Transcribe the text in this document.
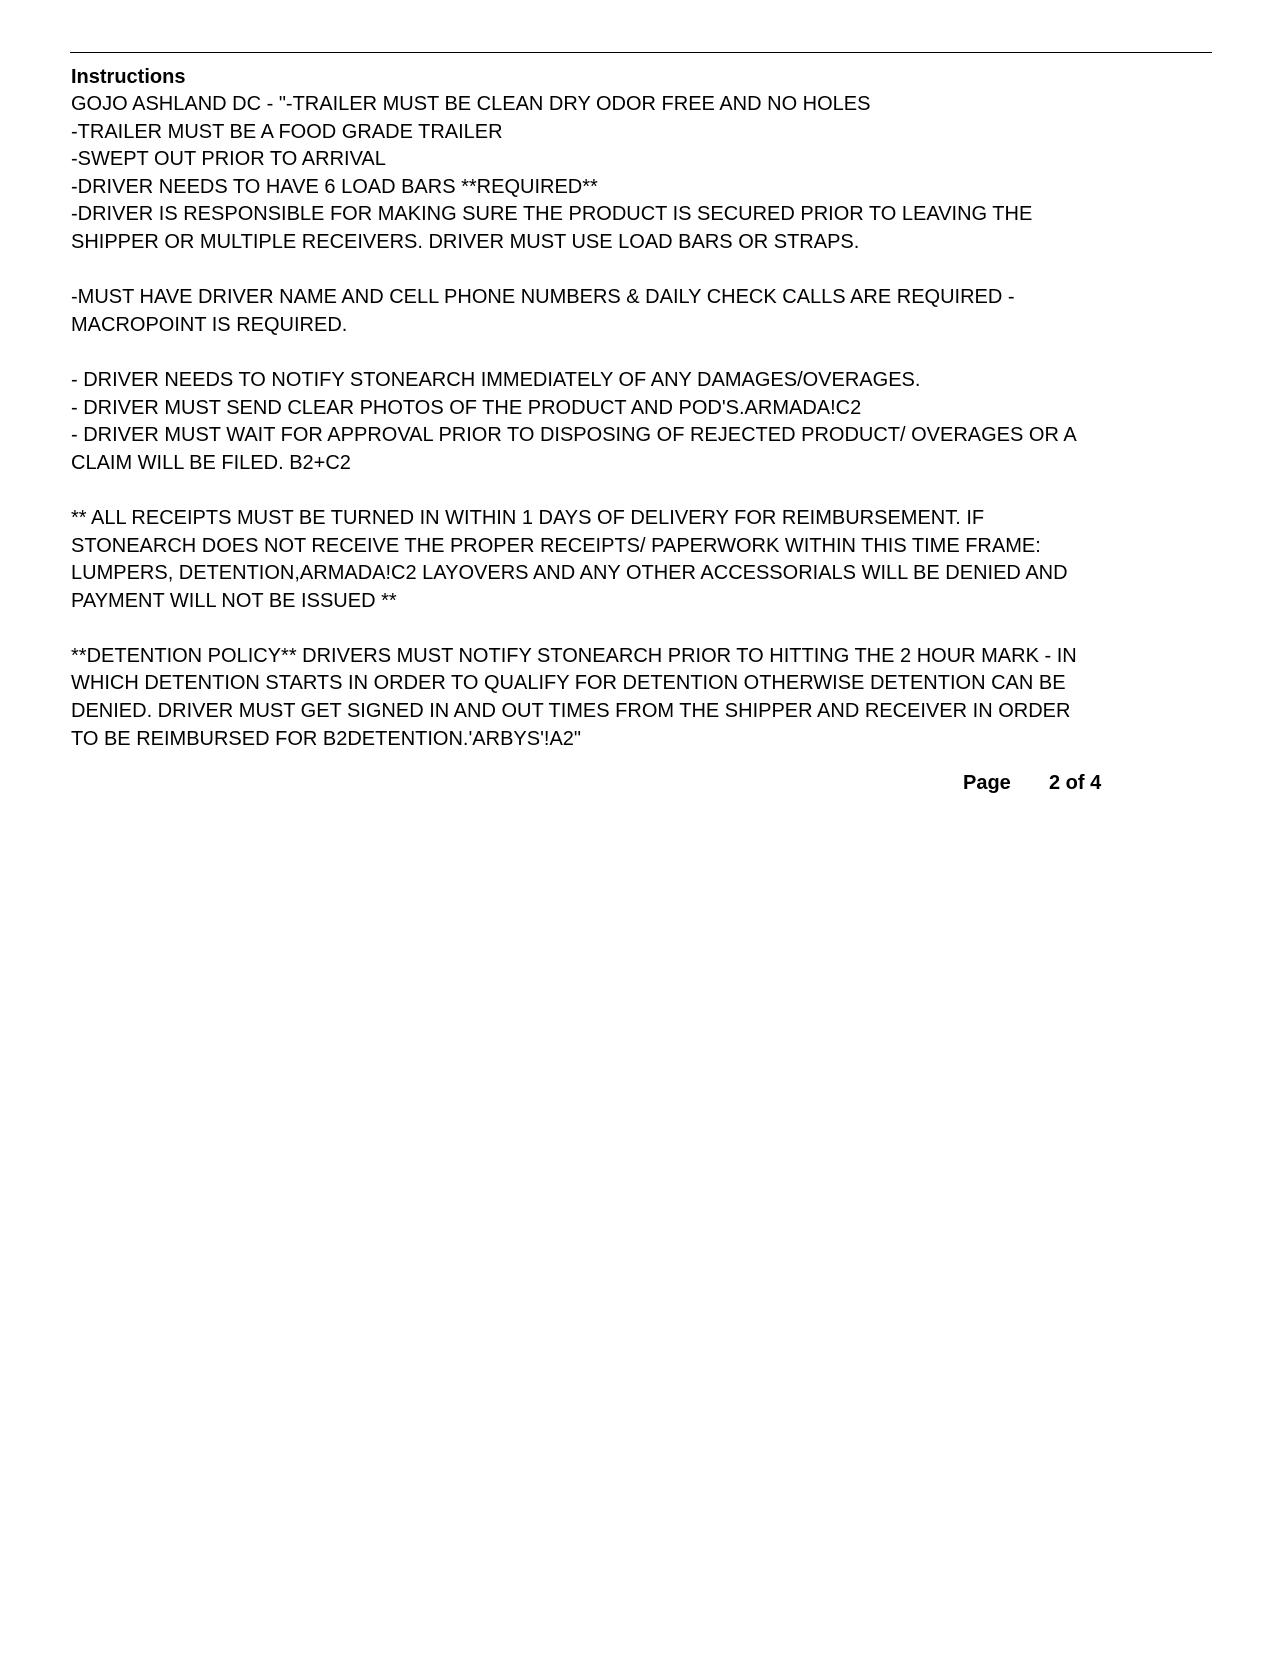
Instructions
GOJO ASHLAND DC - "-TRAILER MUST BE CLEAN DRY ODOR FREE AND NO HOLES
-TRAILER MUST BE A FOOD GRADE TRAILER
-SWEPT OUT PRIOR TO ARRIVAL
-DRIVER NEEDS TO HAVE 6 LOAD BARS **REQUIRED**
-DRIVER IS RESPONSIBLE FOR MAKING SURE THE PRODUCT IS SECURED PRIOR TO LEAVING THE
SHIPPER OR MULTIPLE RECEIVERS. DRIVER MUST USE LOAD BARS OR STRAPS.
-MUST HAVE DRIVER NAME AND CELL PHONE NUMBERS & DAILY CHECK CALLS ARE REQUIRED -
MACROPOINT IS REQUIRED.
- DRIVER NEEDS TO NOTIFY STONEARCH IMMEDIATELY OF ANY DAMAGES/OVERAGES.
- DRIVER MUST SEND CLEAR PHOTOS OF THE PRODUCT AND POD'S.ARMADA!C2
- DRIVER MUST WAIT FOR APPROVAL PRIOR TO DISPOSING OF REJECTED PRODUCT/ OVERAGES OR A
CLAIM WILL BE FILED. B2+C2
** ALL RECEIPTS MUST BE TURNED IN WITHIN 1 DAYS OF DELIVERY FOR REIMBURSEMENT. IF
STONEARCH DOES NOT RECEIVE THE PROPER RECEIPTS/ PAPERWORK WITHIN THIS TIME FRAME:
LUMPERS, DETENTION,ARMADA!C2 LAYOVERS AND ANY OTHER ACCESSORIALS WILL BE DENIED AND
PAYMENT WILL NOT BE ISSUED **
**DETENTION POLICY** DRIVERS MUST NOTIFY STONEARCH PRIOR TO HITTING THE 2 HOUR MARK - IN
WHICH DETENTION STARTS IN ORDER TO QUALIFY FOR DETENTION OTHERWISE DETENTION CAN BE
DENIED. DRIVER MUST GET SIGNED IN AND OUT TIMES FROM THE SHIPPER AND RECEIVER IN ORDER
TO BE REIMBURSED FOR B2DETENTION.'ARBYS'!A2"
Page 2 of 4
